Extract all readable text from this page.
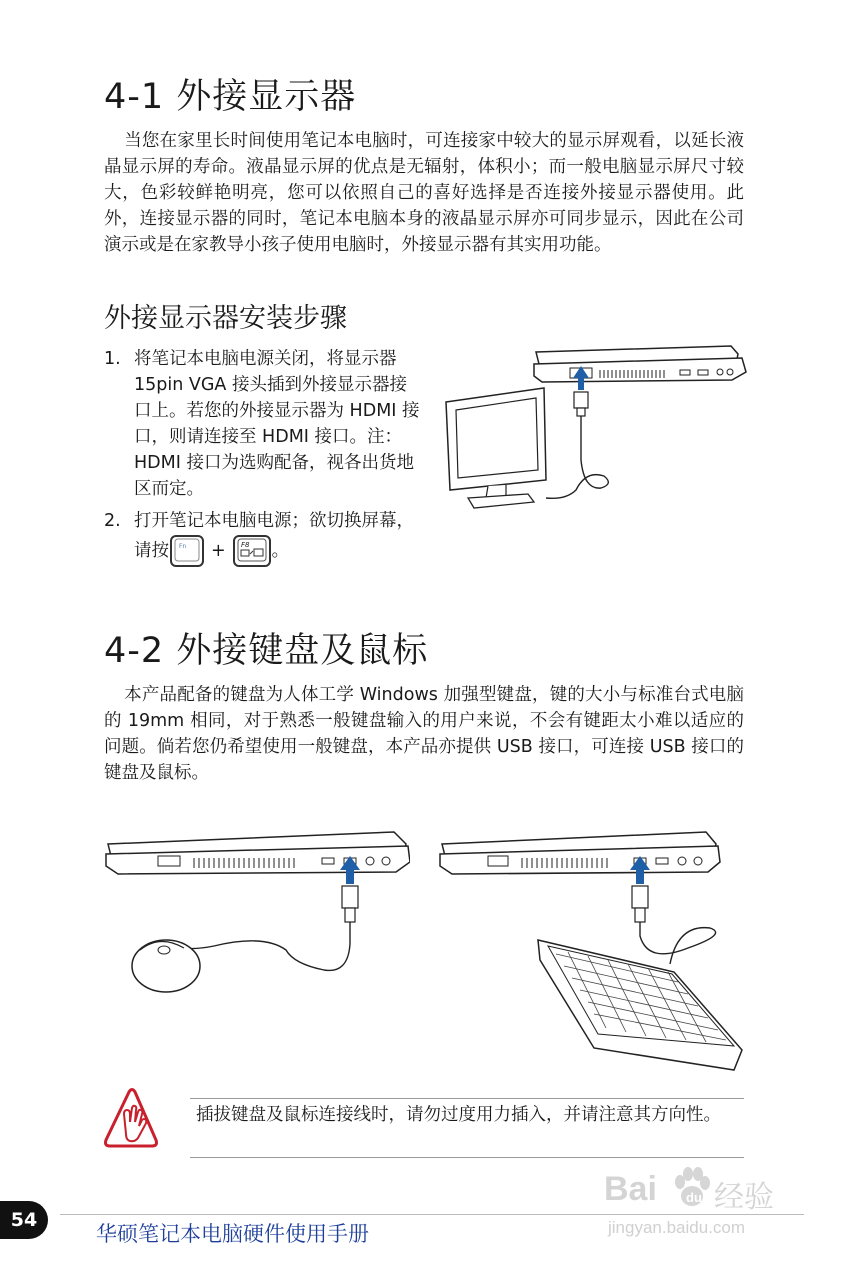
4-1 外接显示器

当您在家里长时间使用笔记本电脑时，可连接家中较大的显示屏观看，以延长液晶显示屏的寿命。液晶显示屏的优点是无辐射，体积小；而一般电脑显示屏尺寸较大，色彩较鲜艳明亮，您可以依照自己的喜好选择是否连接外接显示器使用。此外，连接显示器的同时，笔记本电脑本身的液晶显示屏亦可同步显示，因此在公司演示或是在家教导小孩子使用电脑时，外接显示器有其实用功能。

外接显示器安装步骤
1. 将笔记本电脑电源关闭，将显示器 15pin VGA 接头插到外接显示器接口上。若您的外接显示器为 HDMI 接口，则请连接至 HDMI 接口。注：HDMI 接口为选购配备，视各出货地区而定。
2. 打开笔记本电脑电源；欲切换屏幕，请按 Fn + F8 。
4-2 外接键盘及鼠标

本产品配备的键盘为人体工学 Windows 加强型键盘，键的大小与标准台式电脑的 19mm 相同，对于熟悉一般键盘输入的用户来说，不会有键距太小难以适应的问题。倘若您仍希望使用一般键盘，本产品亦提供 USB 接口，可连接 USB 接口的键盘及鼠标。

插拔键盘及鼠标连接线时，请勿过度用力插入，并请注意其方向性。

54
华硕笔记本电脑硬件使用手册
Bai du 经验
jingyan.baidu.com
